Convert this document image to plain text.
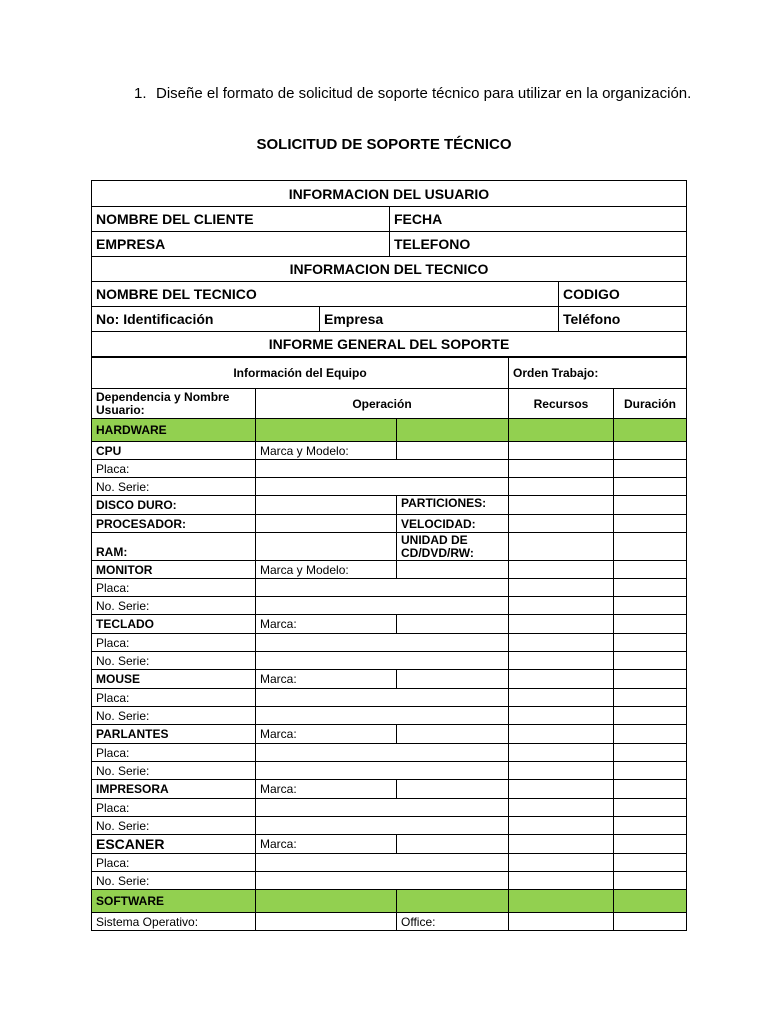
1. Diseñe el formato de solicitud de soporte técnico para utilizar en la organización.
SOLICITUD DE SOPORTE TÉCNICO
INFORMACION DEL USUARIO			
NOMBRE DEL CLIENTE		FECHA	
EMPRESA		TELEFONO	
INFORMACION DEL TECNICO			
NOMBRE DEL TECNICO			CODIGO
No: Identificación	Empresa		Teléfono
INFORME GENERAL DEL SOPORTE			
Información del Equipo			Orden Trabajo:	
Dependencia y Nombre Usuario:	Operación		Recursos	Duración
HARDWARE				
CPU	Marca y Modelo:			
Placa:				
No. Serie:				
DISCO DURO:		PARTICIONES:		
PROCESADOR:		VELOCIDAD:		
RAM:		UNIDAD DE CD/DVD/RW:		
MONITOR	Marca y Modelo:			
Placa:				
No. Serie:				
TECLADO	Marca:			
Placa:				
No. Serie:				
MOUSE	Marca:			
Placa:				
No. Serie:				
PARLANTES	Marca:			
Placa:				
No. Serie:				
IMPRESORA	Marca:			
Placa:				
No. Serie:				
ESCANER	Marca:			
Placa:				
No. Serie:				
SOFTWARE				
Sistema Operativo:		Office:		
